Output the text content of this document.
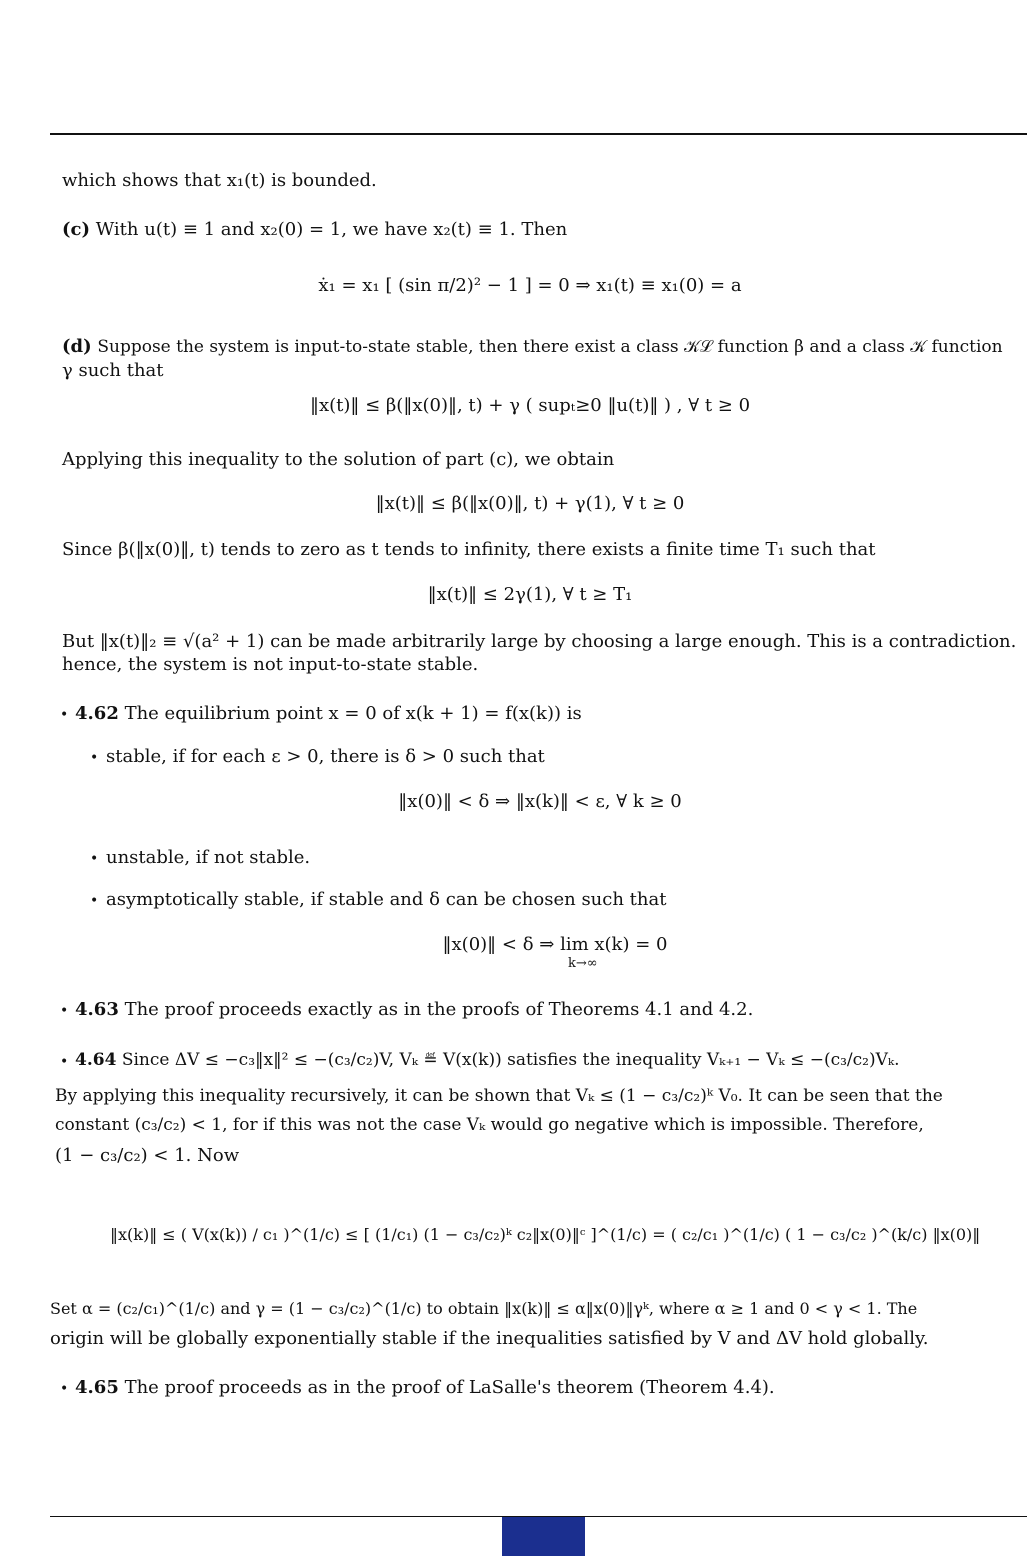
which shows that x₁(t) is bounded.
(c) With u(t) ≡ 1 and x₂(0) = 1, we have x₂(t) ≡ 1. Then
ẋ₁ = x₁ [ (sin π/2)² − 1 ] = 0 ⇒ x₁(t) ≡ x₁(0) = a
(d) Suppose the system is input-to-state stable, then there exist a class 𝒦ℒ function β and a class 𝒦 function
γ such that
‖x(t)‖ ≤ β(‖x(0)‖, t) + γ ( supₜ≥0 ‖u(t)‖ ) , ∀ t ≥ 0
Applying this inequality to the solution of part (c), we obtain
‖x(t)‖ ≤ β(‖x(0)‖, t) + γ(1), ∀ t ≥ 0
Since β(‖x(0)‖, t) tends to zero as t tends to infinity, there exists a finite time T₁ such that
‖x(t)‖ ≤ 2γ(1), ∀ t ≥ T₁
But ‖x(t)‖₂ ≡ √(a² + 1) can be made arbitrarily large by choosing a large enough. This is a contradiction.
hence, the system is not input-to-state stable.
• 4.62 The equilibrium point x = 0 of x(k + 1) = f(x(k)) is
• stable, if for each ε > 0, there is δ > 0 such that
‖x(0)‖ < δ ⇒ ‖x(k)‖ < ε, ∀ k ≥ 0
• unstable, if not stable.
• asymptotically stable, if stable and δ can be chosen such that
‖x(0)‖ < δ ⇒ lim x(k) = 0
k→∞
• 4.63 The proof proceeds exactly as in the proofs of Theorems 4.1 and 4.2.
• 4.64 Since ΔV ≤ −c₃‖x‖² ≤ −(c₃/c₂)V, Vₖ ≝ V(x(k)) satisfies the inequality Vₖ₊₁ − Vₖ ≤ −(c₃/c₂)Vₖ.
By applying this inequality recursively, it can be shown that Vₖ ≤ (1 − c₃/c₂)ᵏ V₀. It can be seen that the
constant (c₃/c₂) < 1, for if this was not the case Vₖ would go negative which is impossible. Therefore,
(1 − c₃/c₂) < 1. Now
‖x(k)‖ ≤ ( V(x(k)) / c₁ )^(1/c) ≤ [ (1/c₁) (1 − c₃/c₂)ᵏ c₂‖x(0)‖ᶜ ]^(1/c) = ( c₂/c₁ )^(1/c) ( 1 − c₃/c₂ )^(k/c) ‖x(0)‖
Set α = (c₂/c₁)^(1/c) and γ = (1 − c₃/c₂)^(1/c) to obtain ‖x(k)‖ ≤ α‖x(0)‖γᵏ, where α ≥ 1 and 0 < γ < 1. The
origin will be globally exponentially stable if the inequalities satisfied by V and ΔV hold globally.
• 4.65 The proof proceeds as in the proof of LaSalle's theorem (Theorem 4.4).
